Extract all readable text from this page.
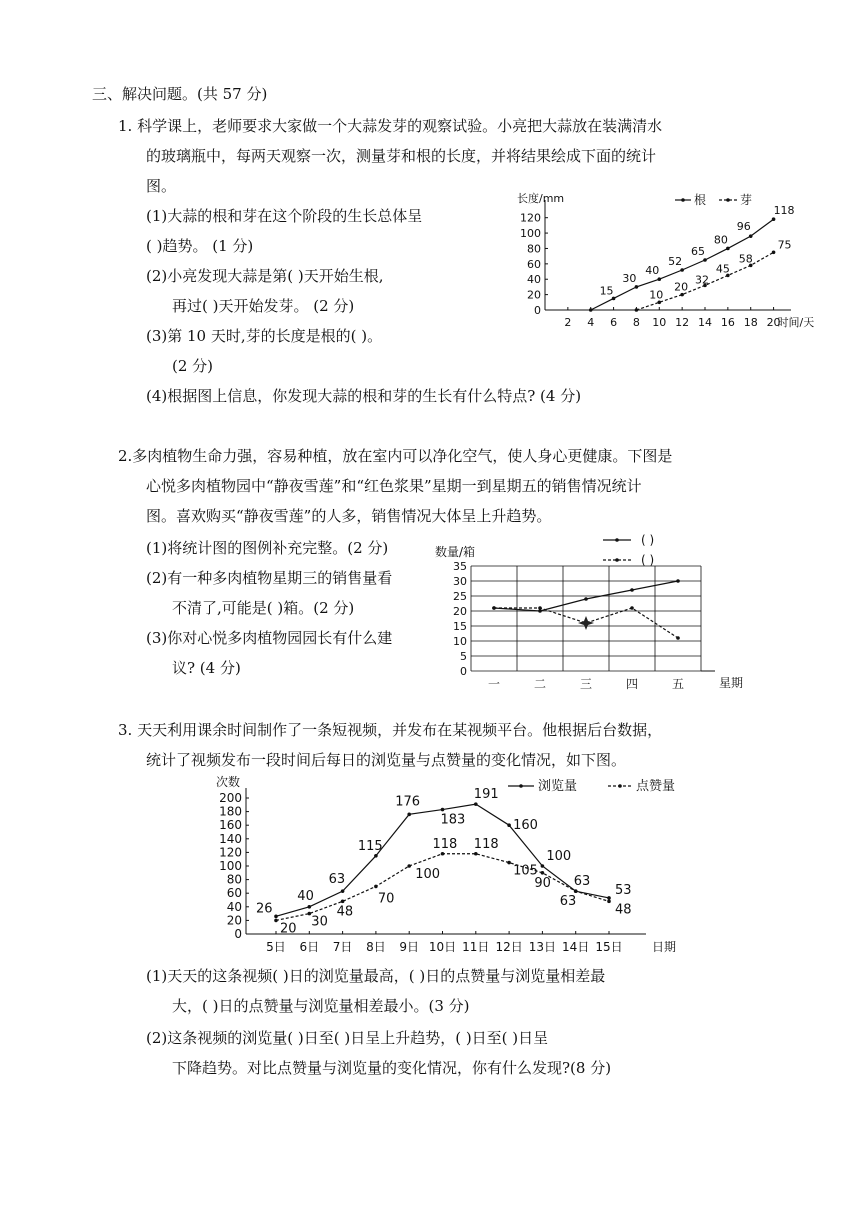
三、解决问题。(共 57 分)
1. 科学课上，老师要求大家做一个大蒜发芽的观察试验。小亮把大蒜放在装满清水
的玻璃瓶中，每两天观察一次，测量芽和根的长度，并将结果绘成下面的统计
图。
(1)大蒜的根和芽在这个阶段的生长总体呈
( )趋势。 (1 分)
(2)小亮发现大蒜是第( )天开始生根,
再过( )天开始发芽。 (2 分)
(3)第 10 天时,芽的长度是根的( )。
(2 分)
(4)根据图上信息，你发现大蒜的根和芽的生长有什么特点? (4 分)
长度/mm
时间/天
0
20
40
60
80
100
120
2 4 6 8 10 12 14 16 18 20
根	芽
15
30
40
52
65
80
96
118
10
20
32
45
58
75
2.多肉植物生命力强，容易种植，放在室内可以净化空气，使人身心更健康。下图是
心悦多肉植物园中“静夜雪莲”和“红色浆果”星期一到星期五的销售情况统计
图。喜欢购买“静夜雪莲”的人多，销售情况大体呈上升趋势。
(1)将统计图的图例补充完整。(2 分)
(2)有一种多肉植物星期三的销售量看
不清了,可能是( )箱。(2 分)
(3)你对心悦多肉植物园园长有什么建
议? (4 分)
数量/箱
星期
0
5
10
15
20
25
30
35
一	二	三	四	五
( )
( )
3. 天天利用课余时间制作了一条短视频，并发布在某视频平台。他根据后台数据，
统计了视频发布一段时间后每日的浏览量与点赞量的变化情况，如下图。
次数
日期
0
20
40
60
80
100
120
140
160
180
200
5日 6日 7日 8日 9日 10日 11日 12日 13日 14日 15日
浏览量	点赞量
26
40
63
115
176
183
191
160
100
63
53
20 30
48
70
100
118 118
105
90
63
48
(1)天天的这条视频( )日的浏览量最高，( )日的点赞量与浏览量相差最
大，( )日的点赞量与浏览量相差最小。(3 分)
(2)这条视频的浏览量( )日至( )日呈上升趋势，( )日至( )日呈
下降趋势。对比点赞量与浏览量的变化情况，你有什么发现?(8 分)
